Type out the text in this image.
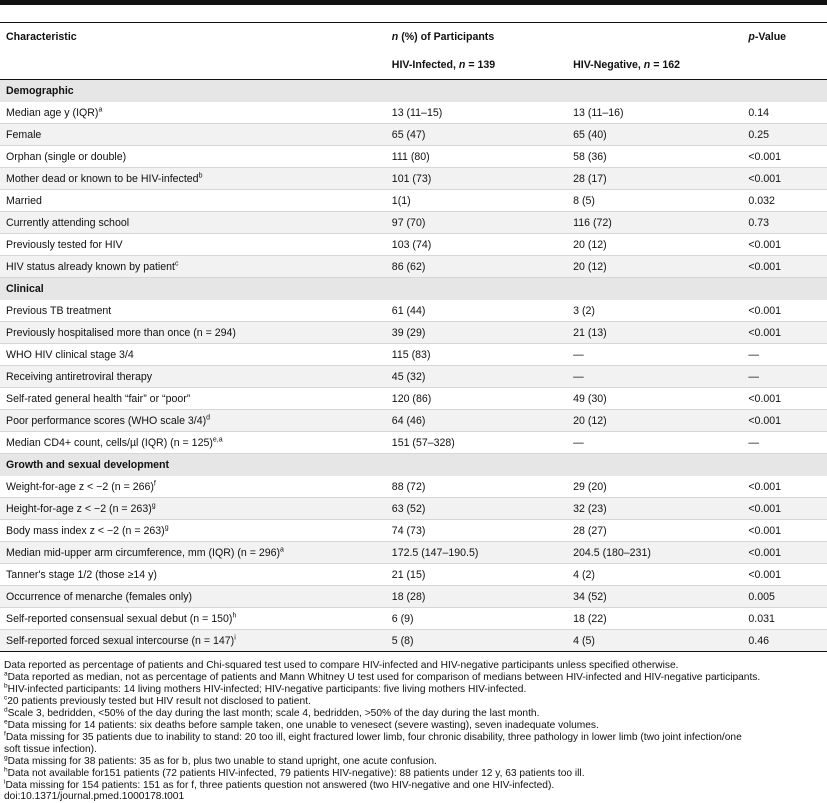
Characteristic	n (%) of Participants		p-Value
	HIV-Infected, n = 139	HIV-Negative, n = 162	
Demographic			
Median age y (IQR)$^a$	13 (11–15)	13 (11–16)	0.14
Female	65 (47)	65 (40)	0.25
Orphan (single or double)	111 (80)	58 (36)	<0.001
Mother dead or known to be HIV-infected$^b$	101 (73)	28 (17)	<0.001
Married	1(1)	8 (5)	0.032
Currently attending school	97 (70)	116 (72)	0.73
Previously tested for HIV	103 (74)	20 (12)	<0.001
HIV status already known by patient$^c$	86 (62)	20 (12)	<0.001
Clinical			
Previous TB treatment	61 (44)	3 (2)	<0.001
Previously hospitalised more than once (n = 294)	39 (29)	21 (13)	<0.001
WHO HIV clinical stage 3/4	115 (83)	—	—
Receiving antiretroviral therapy	45 (32)	—	—
Self-rated general health “fair” or “poor”	120 (86)	49 (30)	<0.001
Poor performance scores (WHO scale 3/4)$^d$	64 (46)	20 (12)	<0.001
Median CD4+ count, cells/µl (IQR) (n = 125)$^{e,a}$	151 (57–328)	—	—
Growth and sexual development			
Weight-for-age z < −2 (n = 266)$^f$	88 (72)	29 (20)	<0.001
Height-for-age z < −2 (n = 263)$^g$	63 (52)	32 (23)	<0.001
Body mass index z < −2 (n = 263)$^g$	74 (73)	28 (27)	<0.001
Median mid-upper arm circumference, mm (IQR) (n = 296)$^a$	172.5 (147–190.5)	204.5 (180–231)	<0.001
Tanner's stage 1/2 (those ≥14 y)	21 (15)	4 (2)	<0.001
Occurrence of menarche (females only)	18 (28)	34 (52)	0.005
Self-reported consensual sexual debut (n = 150)$^h$	6 (9)	18 (22)	0.031
Self-reported forced sexual intercourse (n = 147)$^i$	5 (8)	4 (5)	0.46
Data reported as percentage of patients and Chi-squared test used to compare HIV-infected and HIV-negative participants unless specified otherwise.
$^a$Data reported as median, not as percentage of patients and Mann Whitney U test used for comparison of medians between HIV-infected and HIV-negative participants.
$^b$HIV-infected participants: 14 living mothers HIV-infected; HIV-negative participants: five living mothers HIV-infected.
$^c$20 patients previously tested but HIV result not disclosed to patient.
$^d$Scale 3, bedridden, <50% of the day during the last month; scale 4, bedridden, >50% of the day during the last month.
$^e$Data missing for 14 patients: six deaths before sample taken, one unable to venesect (severe wasting), seven inadequate volumes.
$^f$Data missing for 35 patients due to inability to stand: 20 too ill, eight fractured lower limb, four chronic disability, three pathology in lower limb (two joint infection/one
soft tissue infection).
$^g$Data missing for 38 patients: 35 as for b, plus two unable to stand upright, one acute confusion.
$^h$Data not available for151 patients (72 patients HIV-infected, 79 patients HIV-negative): 88 patients under 12 y, 63 patients too ill.
$^i$Data missing for 154 patients: 151 as for f, three patients question not answered (two HIV-negative and one HIV-infected).
doi:10.1371/journal.pmed.1000178.t001
